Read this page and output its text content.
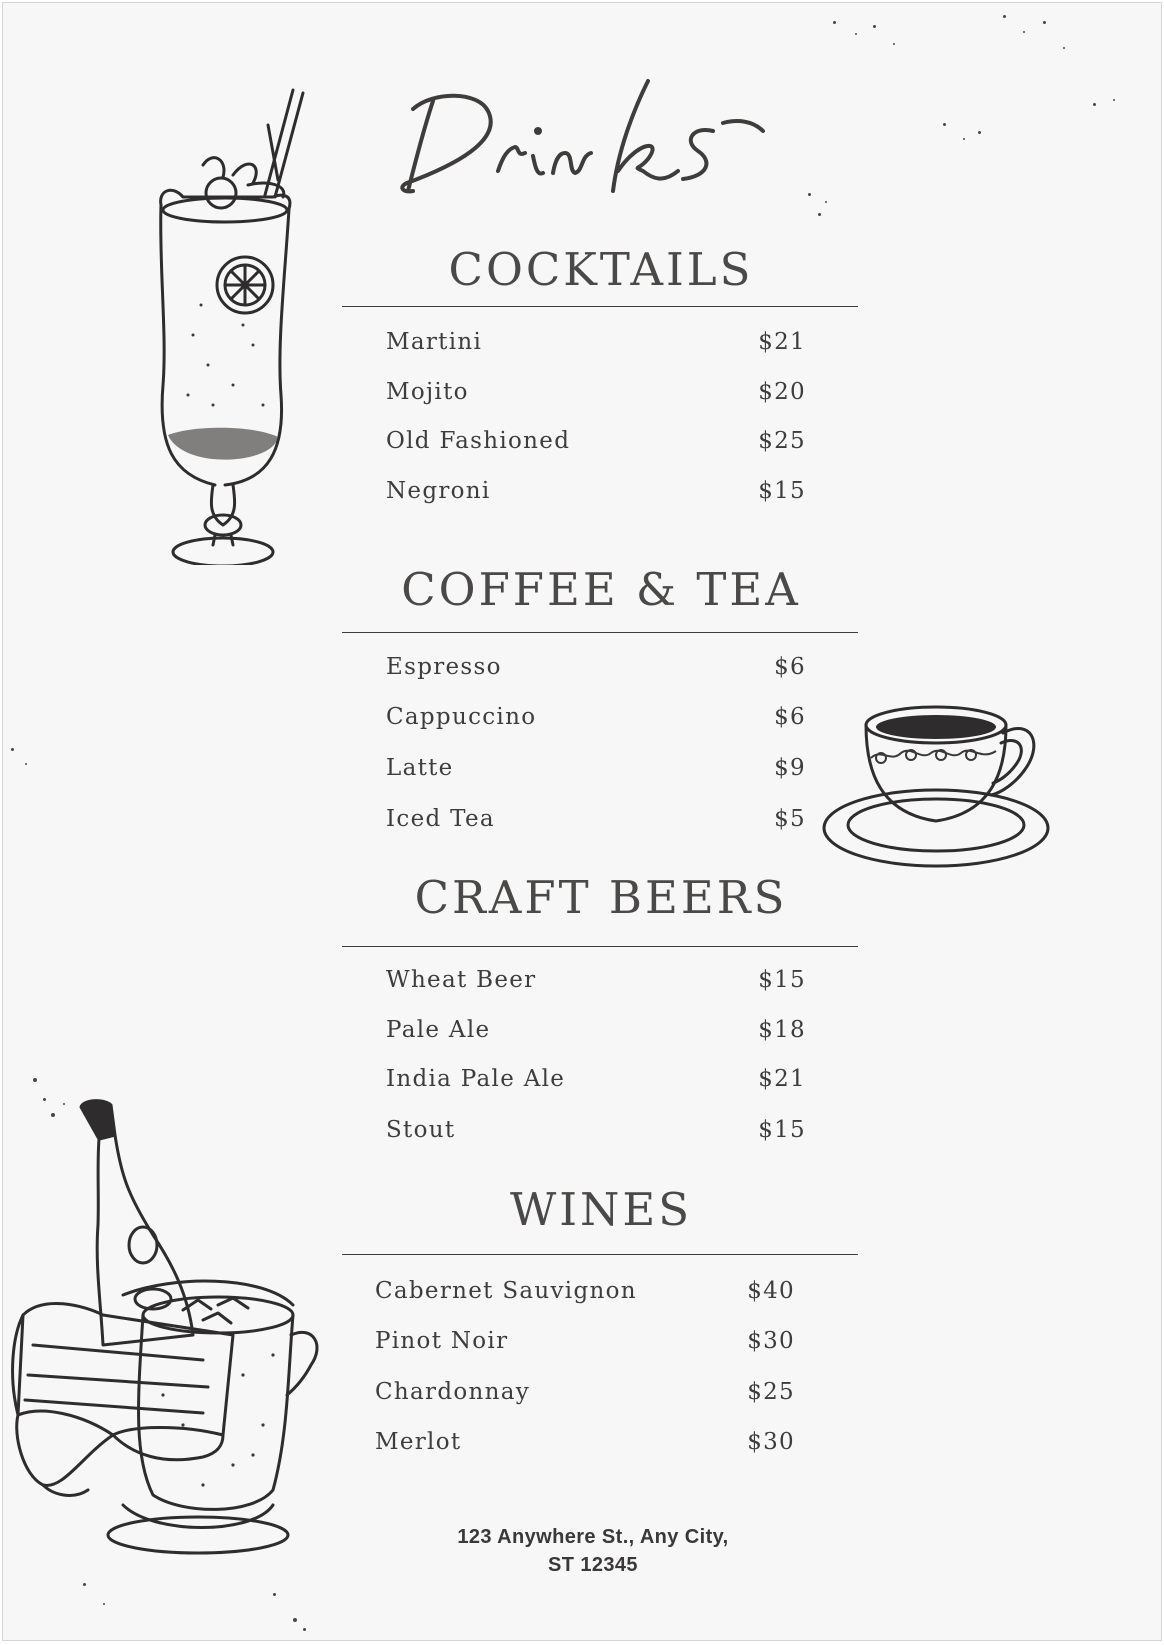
COCKTAILS
Martini	$21
Mojito	$20
Old Fashioned	$25
Negroni	$15
COFFEE & TEA
Espresso	$6
Cappuccino	$6
Latte	$9
Iced Tea	$5
CRAFT BEERS
Wheat Beer	$15
Pale Ale	$18
India Pale Ale	$21
Stout	$15
WINES
Cabernet Sauvignon	$40
Pinot Noir	$30
Chardonnay	$25
Merlot	$30
123 Anywhere St., Any City,
ST 12345
